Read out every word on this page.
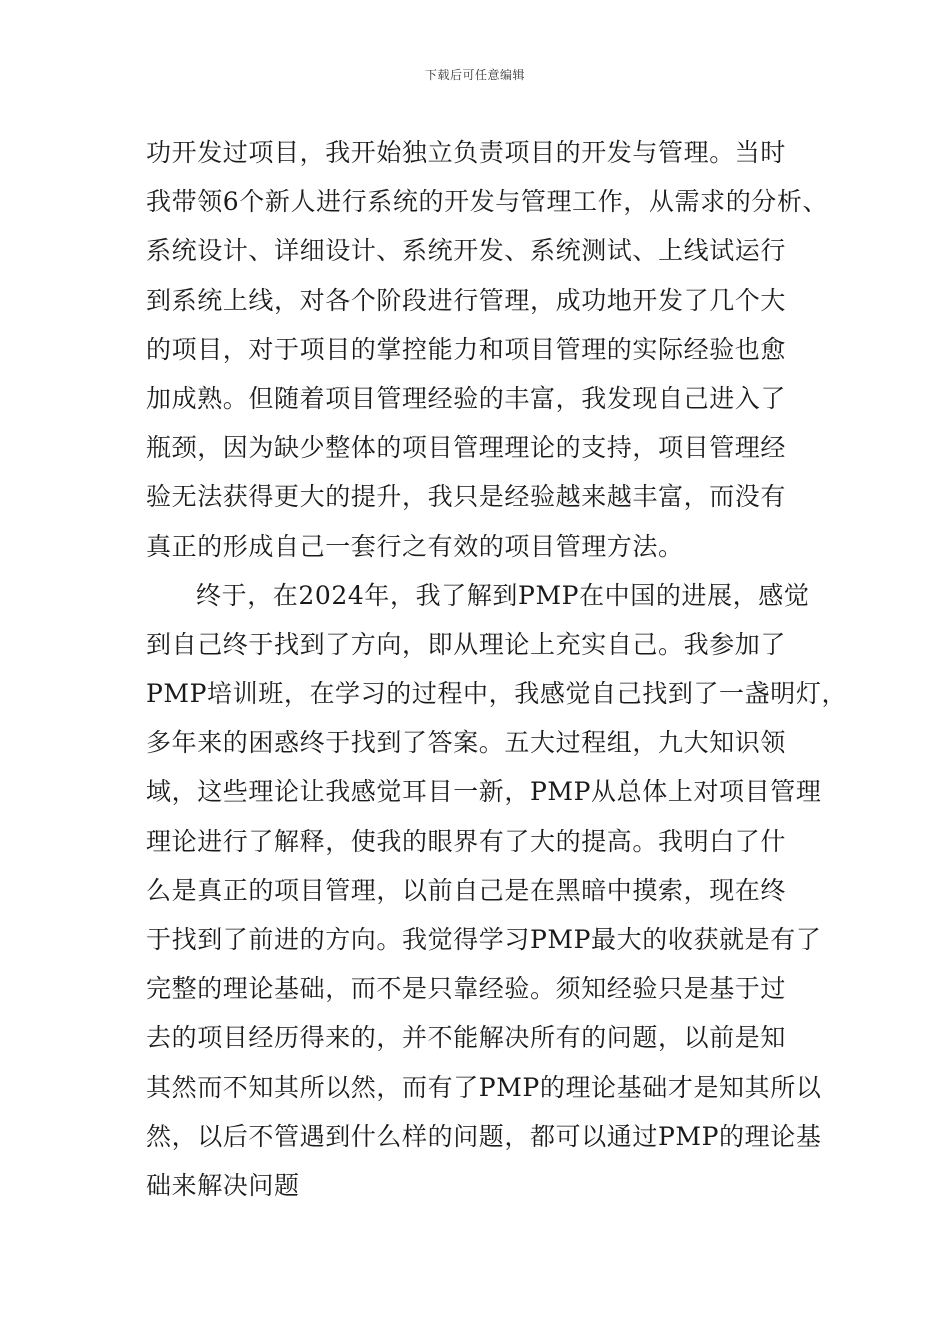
下载后可任意编辑
功开发过项目，我开始独立负责项目的开发与管理。当时
我带领6个新人进行系统的开发与管理工作，从需求的分析、
系统设计、详细设计、系统开发、系统测试、上线试运行
到系统上线，对各个阶段进行管理，成功地开发了几个大
的项目，对于项目的掌控能力和项目管理的实际经验也愈
加成熟。但随着项目管理经验的丰富，我发现自己进入了
瓶颈，因为缺少整体的项目管理理论的支持，项目管理经
验无法获得更大的提升，我只是经验越来越丰富，而没有
真正的形成自己一套行之有效的项目管理方法。
终于，在2024年，我了解到PMP在中国的进展，感觉
到自己终于找到了方向，即从理论上充实自己。我参加了
PMP培训班，在学习的过程中，我感觉自己找到了一盏明灯，
多年来的困惑终于找到了答案。五大过程组，九大知识领
域，这些理论让我感觉耳目一新，PMP从总体上对项目管理
理论进行了解释，使我的眼界有了大的提高。我明白了什
么是真正的项目管理，以前自己是在黑暗中摸索，现在终
于找到了前进的方向。我觉得学习PMP最大的收获就是有了
完整的理论基础，而不是只靠经验。须知经验只是基于过
去的项目经历得来的，并不能解决所有的问题，以前是知
其然而不知其所以然，而有了PMP的理论基础才是知其所以
然，以后不管遇到什么样的问题，都可以通过PMP的理论基
础来解决问题
